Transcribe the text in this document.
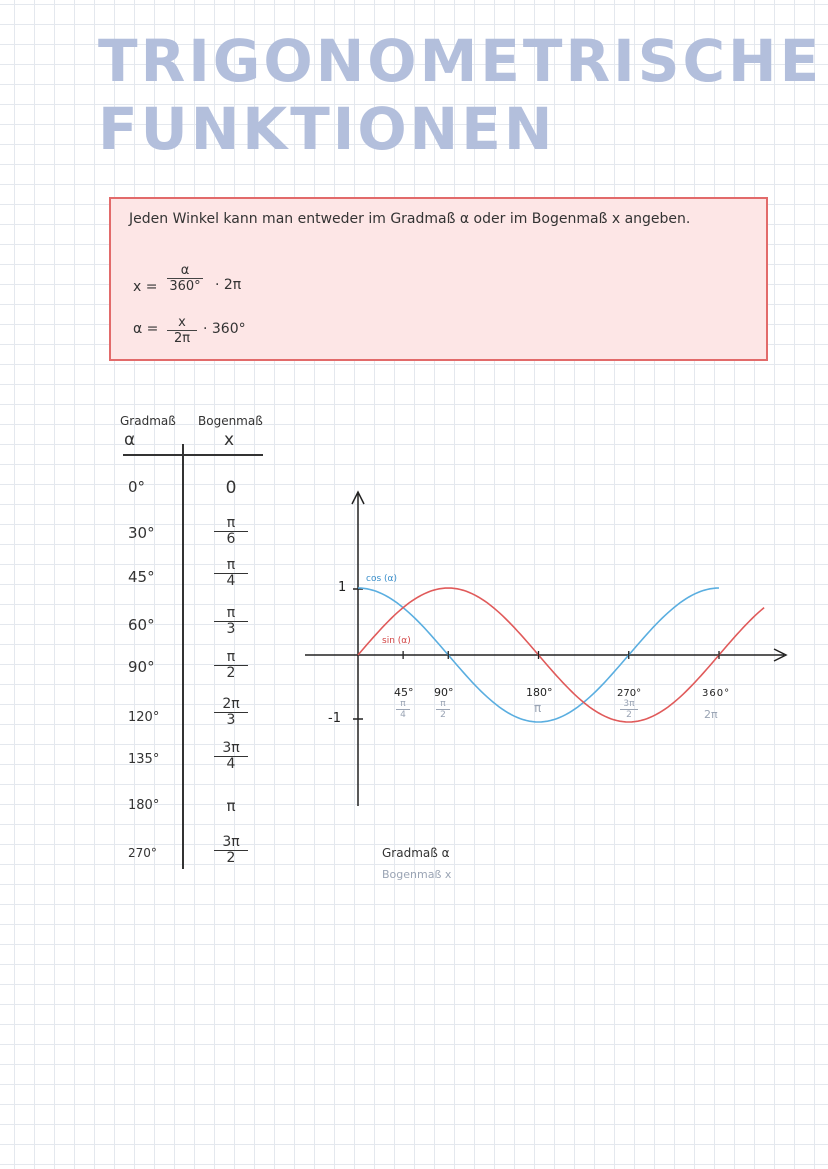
TRIGONOMETRISCHE
FUNKTIONEN
Jeden Winkel kann man entweder im Gradmaß α oder im Bogenmaß x angeben.
$x = \frac{\alpha}{360^\circ} \cdot 2\pi$
$\alpha = \frac{x}{2\pi} \cdot 360^\circ$
Gradmaß Bogenmaß
α	x
0°	0
30°	$\frac{\pi}{6}$
45°	$\frac{\pi}{4}$
60°	$\frac{\pi}{3}$
90°	$\frac{\pi}{2}$
120°	$\frac{2\pi}{3}$
135°	$\frac{3\pi}{4}$
180°	π
270°	$\frac{3\pi}{2}$
1
-1
cos (α)
sin (α)
45°
$\frac{\pi}{4}$
90°
$\frac{\pi}{2}$
180°
π
270°
$\frac{3\pi}{2}$
360°
2π
Gradmaß α
Bogenmaß x
